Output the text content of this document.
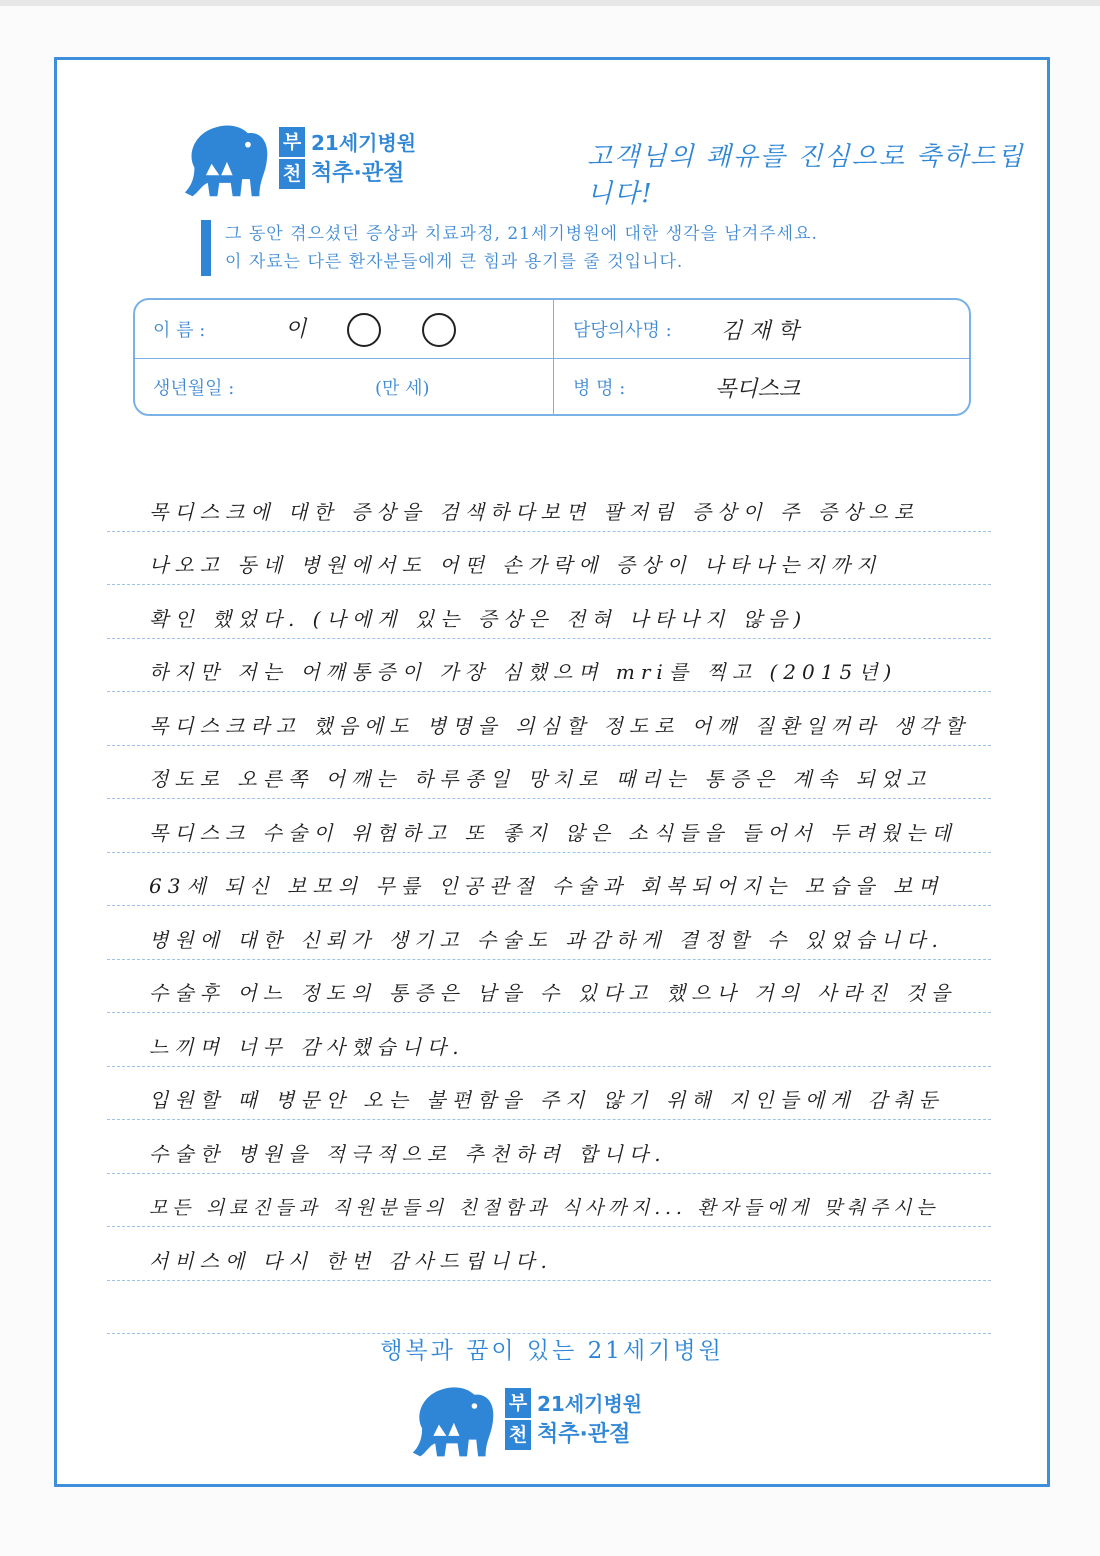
부
천
21세기병원
척추·관절
고객님의 쾌유를 진심으로 축하드립니다!
그 동안 겪으셨던 증상과 치료과정, 21세기병원에 대한 생각을 남겨주세요.
이 자료는 다른 환자분들에게 큰 힘과 용기를 줄 것입니다.
이 름 :	이
생년월일 :	(만 세)
담당의사명 : 김 재 학
병 명 :	목디스크
목디스크에 대한 증상을 검색하다보면 팔저림 증상이 주 증상으로
나오고 동네 병원에서도 어떤 손가락에 증상이 나타나는지까지
확인 했었다. (나에게 있는 증상은 전혀 나타나지 않음)
하지만 저는 어깨통증이 가장 심했으며 mri를 찍고 (2015년)
목디스크라고 했음에도 병명을 의심할 정도로 어깨 질환일꺼라 생각할
정도로 오른쪽 어깨는 하루종일 망치로 때리는 통증은 계속 되었고
목디스크 수술이 위험하고 또 좋지 않은 소식들을 들어서 두려웠는데
63세 되신 보모의 무릎 인공관절 수술과 회복되어지는 모습을 보며
병원에 대한 신뢰가 생기고 수술도 과감하게 결정할 수 있었습니다.
수술후 어느 정도의 통증은 남을 수 있다고 했으나 거의 사라진 것을
느끼며 너무 감사했습니다.
입원할 때 병문안 오는 불편함을 주지 않기 위해 지인들에게 감춰둔
수술한 병원을 적극적으로 추천하려 합니다.
모든 의료진들과 직원분들의 친절함과 식사까지... 환자들에게 맞춰주시는
서비스에 다시 한번 감사드립니다.
행복과 꿈이 있는 21세기병원
부
천
21세기병원
척추·관절
